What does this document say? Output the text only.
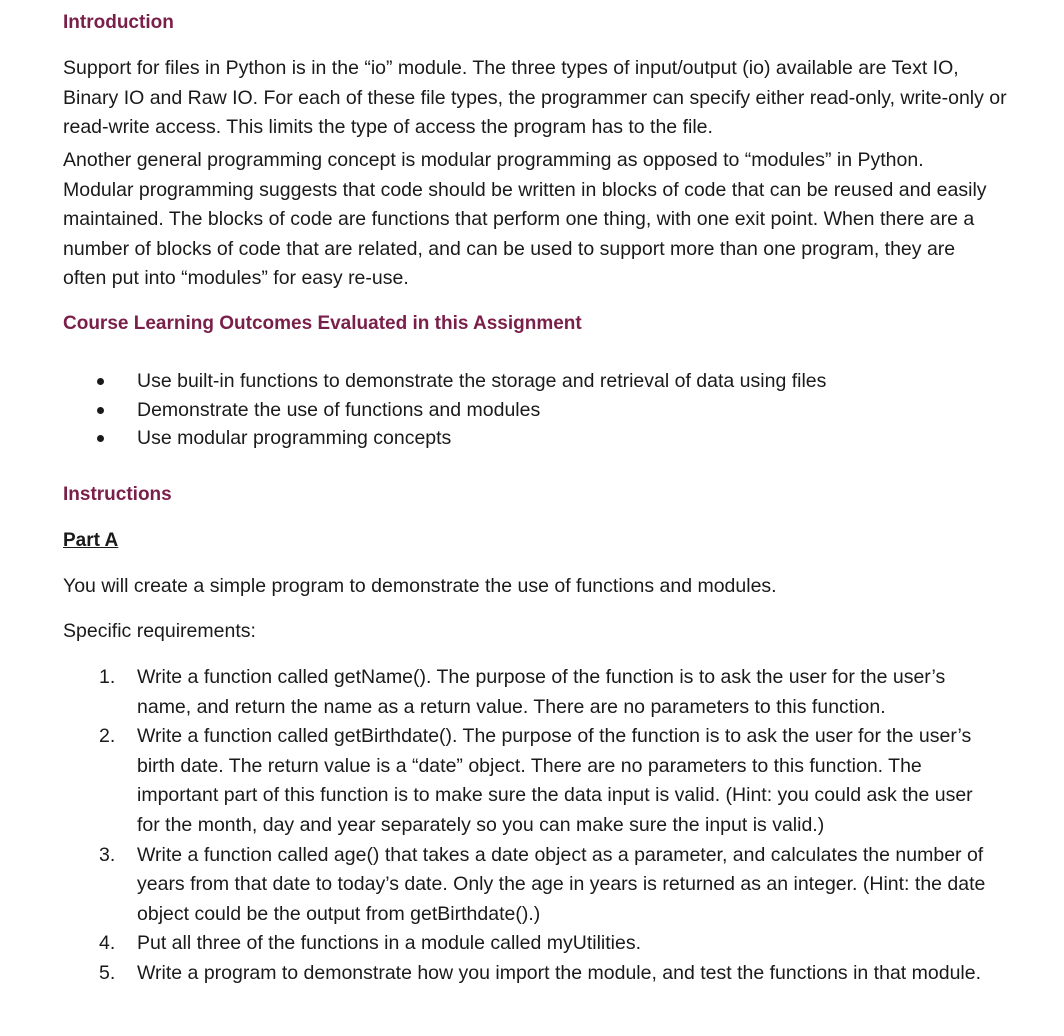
Introduction

Support for files in Python is in the “io” module. The three types of input/output (io) available are Text IO, Binary IO and Raw IO. For each of these file types, the programmer can specify either read-only, write-only or read-write access. This limits the type of access the program has to the file.

Another general programming concept is modular programming as opposed to “modules” in Python. Modular programming suggests that code should be written in blocks of code that can be reused and easily maintained. The blocks of code are functions that perform one thing, with one exit point. When there are a number of blocks of code that are related, and can be used to support more than one program, they are often put into “modules” for easy re-use.

Course Learning Outcomes Evaluated in this Assignment
Use built-in functions to demonstrate the storage and retrieval of data using files
Demonstrate the use of functions and modules
Use modular programming concepts
Instructions
Part A

You will create a simple program to demonstrate the use of functions and modules.

Specific requirements:

1. Write a function called getName(). The purpose of the function is to ask the user for the user’s name, and return the name as a return value. There are no parameters to this function.
2. Write a function called getBirthdate(). The purpose of the function is to ask the user for the user’s birth date. The return value is a “date” object. There are no parameters to this function. The important part of this function is to make sure the data input is valid. (Hint: you could ask the user for the month, day and year separately so you can make sure the input is valid.)
3. Write a function called age() that takes a date object as a parameter, and calculates the number of years from that date to today’s date. Only the age in years is returned as an integer. (Hint: the date object could be the output from getBirthdate().)
4. Put all three of the functions in a module called myUtilities.
5. Write a program to demonstrate how you import the module, and test the functions in that module.
